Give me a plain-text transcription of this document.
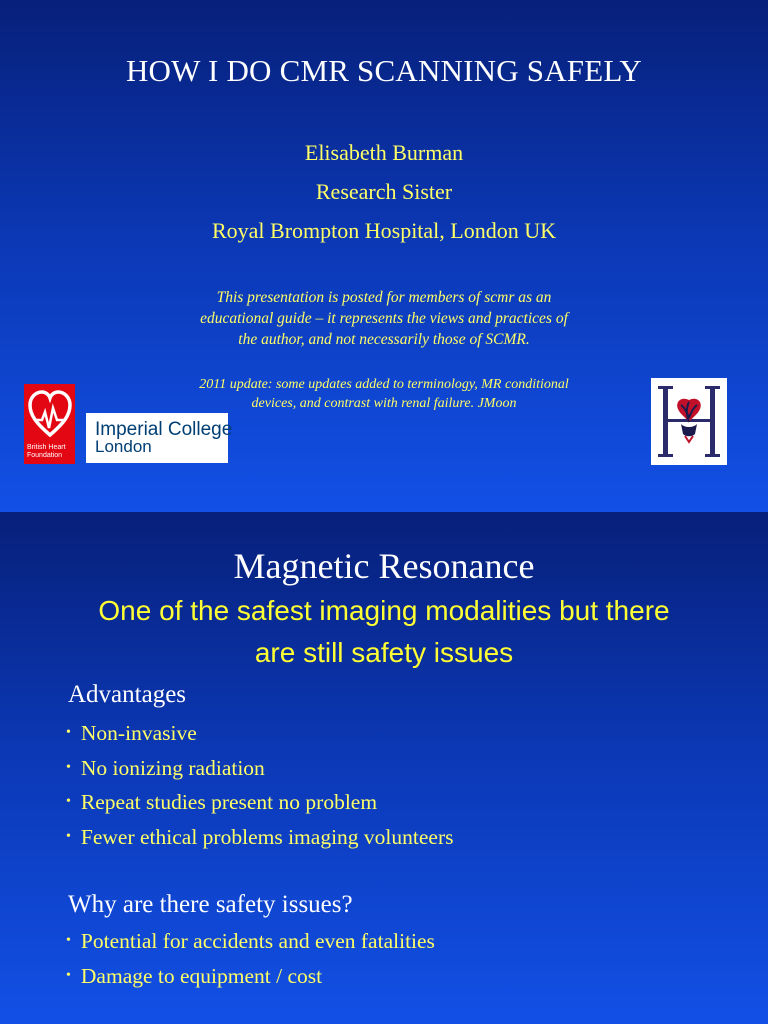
HOW I DO CMR SCANNING SAFELY
Elisabeth Burman
Research Sister
Royal Brompton Hospital, London UK
This presentation is posted for members of scmr as an
educational guide – it represents the views and practices of
the author, and not necessarily those of SCMR.
2011 update: some updates added to terminology, MR conditional
devices, and contrast with renal failure. JMoon
British Heart
Foundation
Imperial College
London
Magnetic Resonance
One of the safest imaging modalities but there
are still safety issues
Advantages
• Non-invasive
• No ionizing radiation
• Repeat studies present no problem
• Fewer ethical problems imaging volunteers
Why are there safety issues?
• Potential for accidents and even fatalities
• Damage to equipment / cost
